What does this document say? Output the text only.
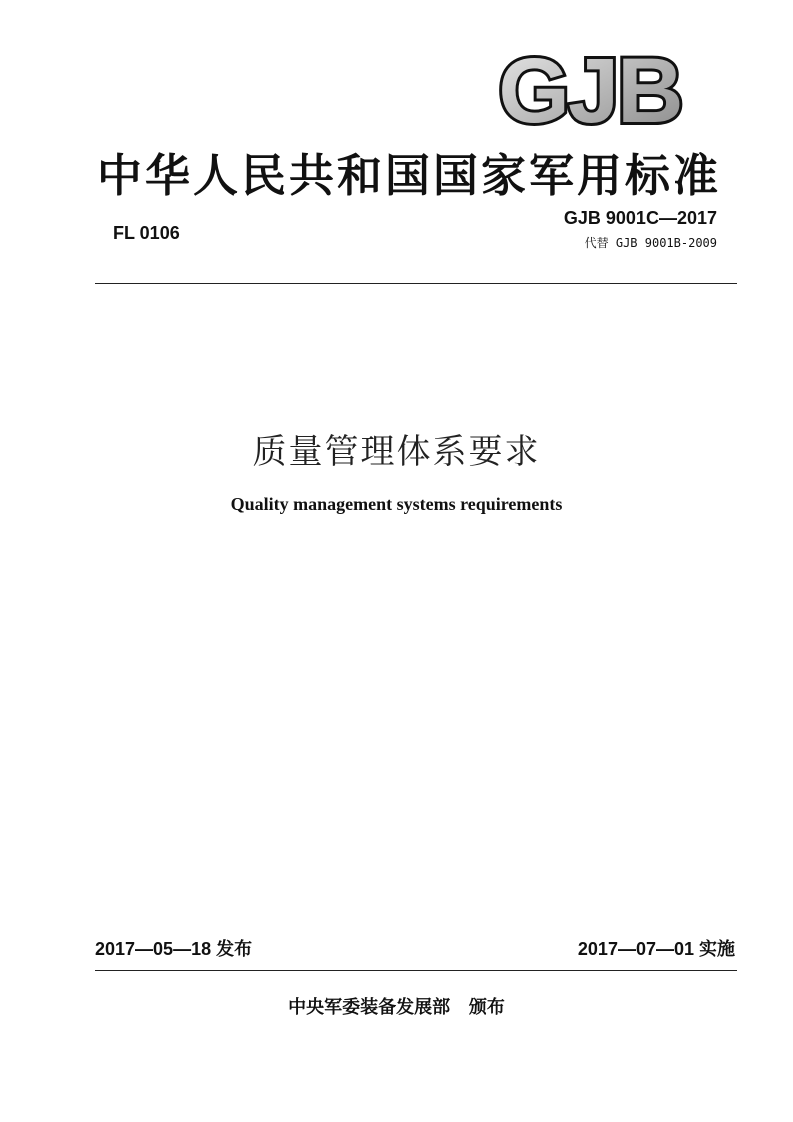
GJB
中华人民共和国国家军用标准
FL 0106
GJB 9001C—2017
代替 GJB 9001B-2009
质量管理体系要求
Quality management systems requirements
2017—05—18 发布	2017—07—01 实施
中央军委装备发展部   颁布
